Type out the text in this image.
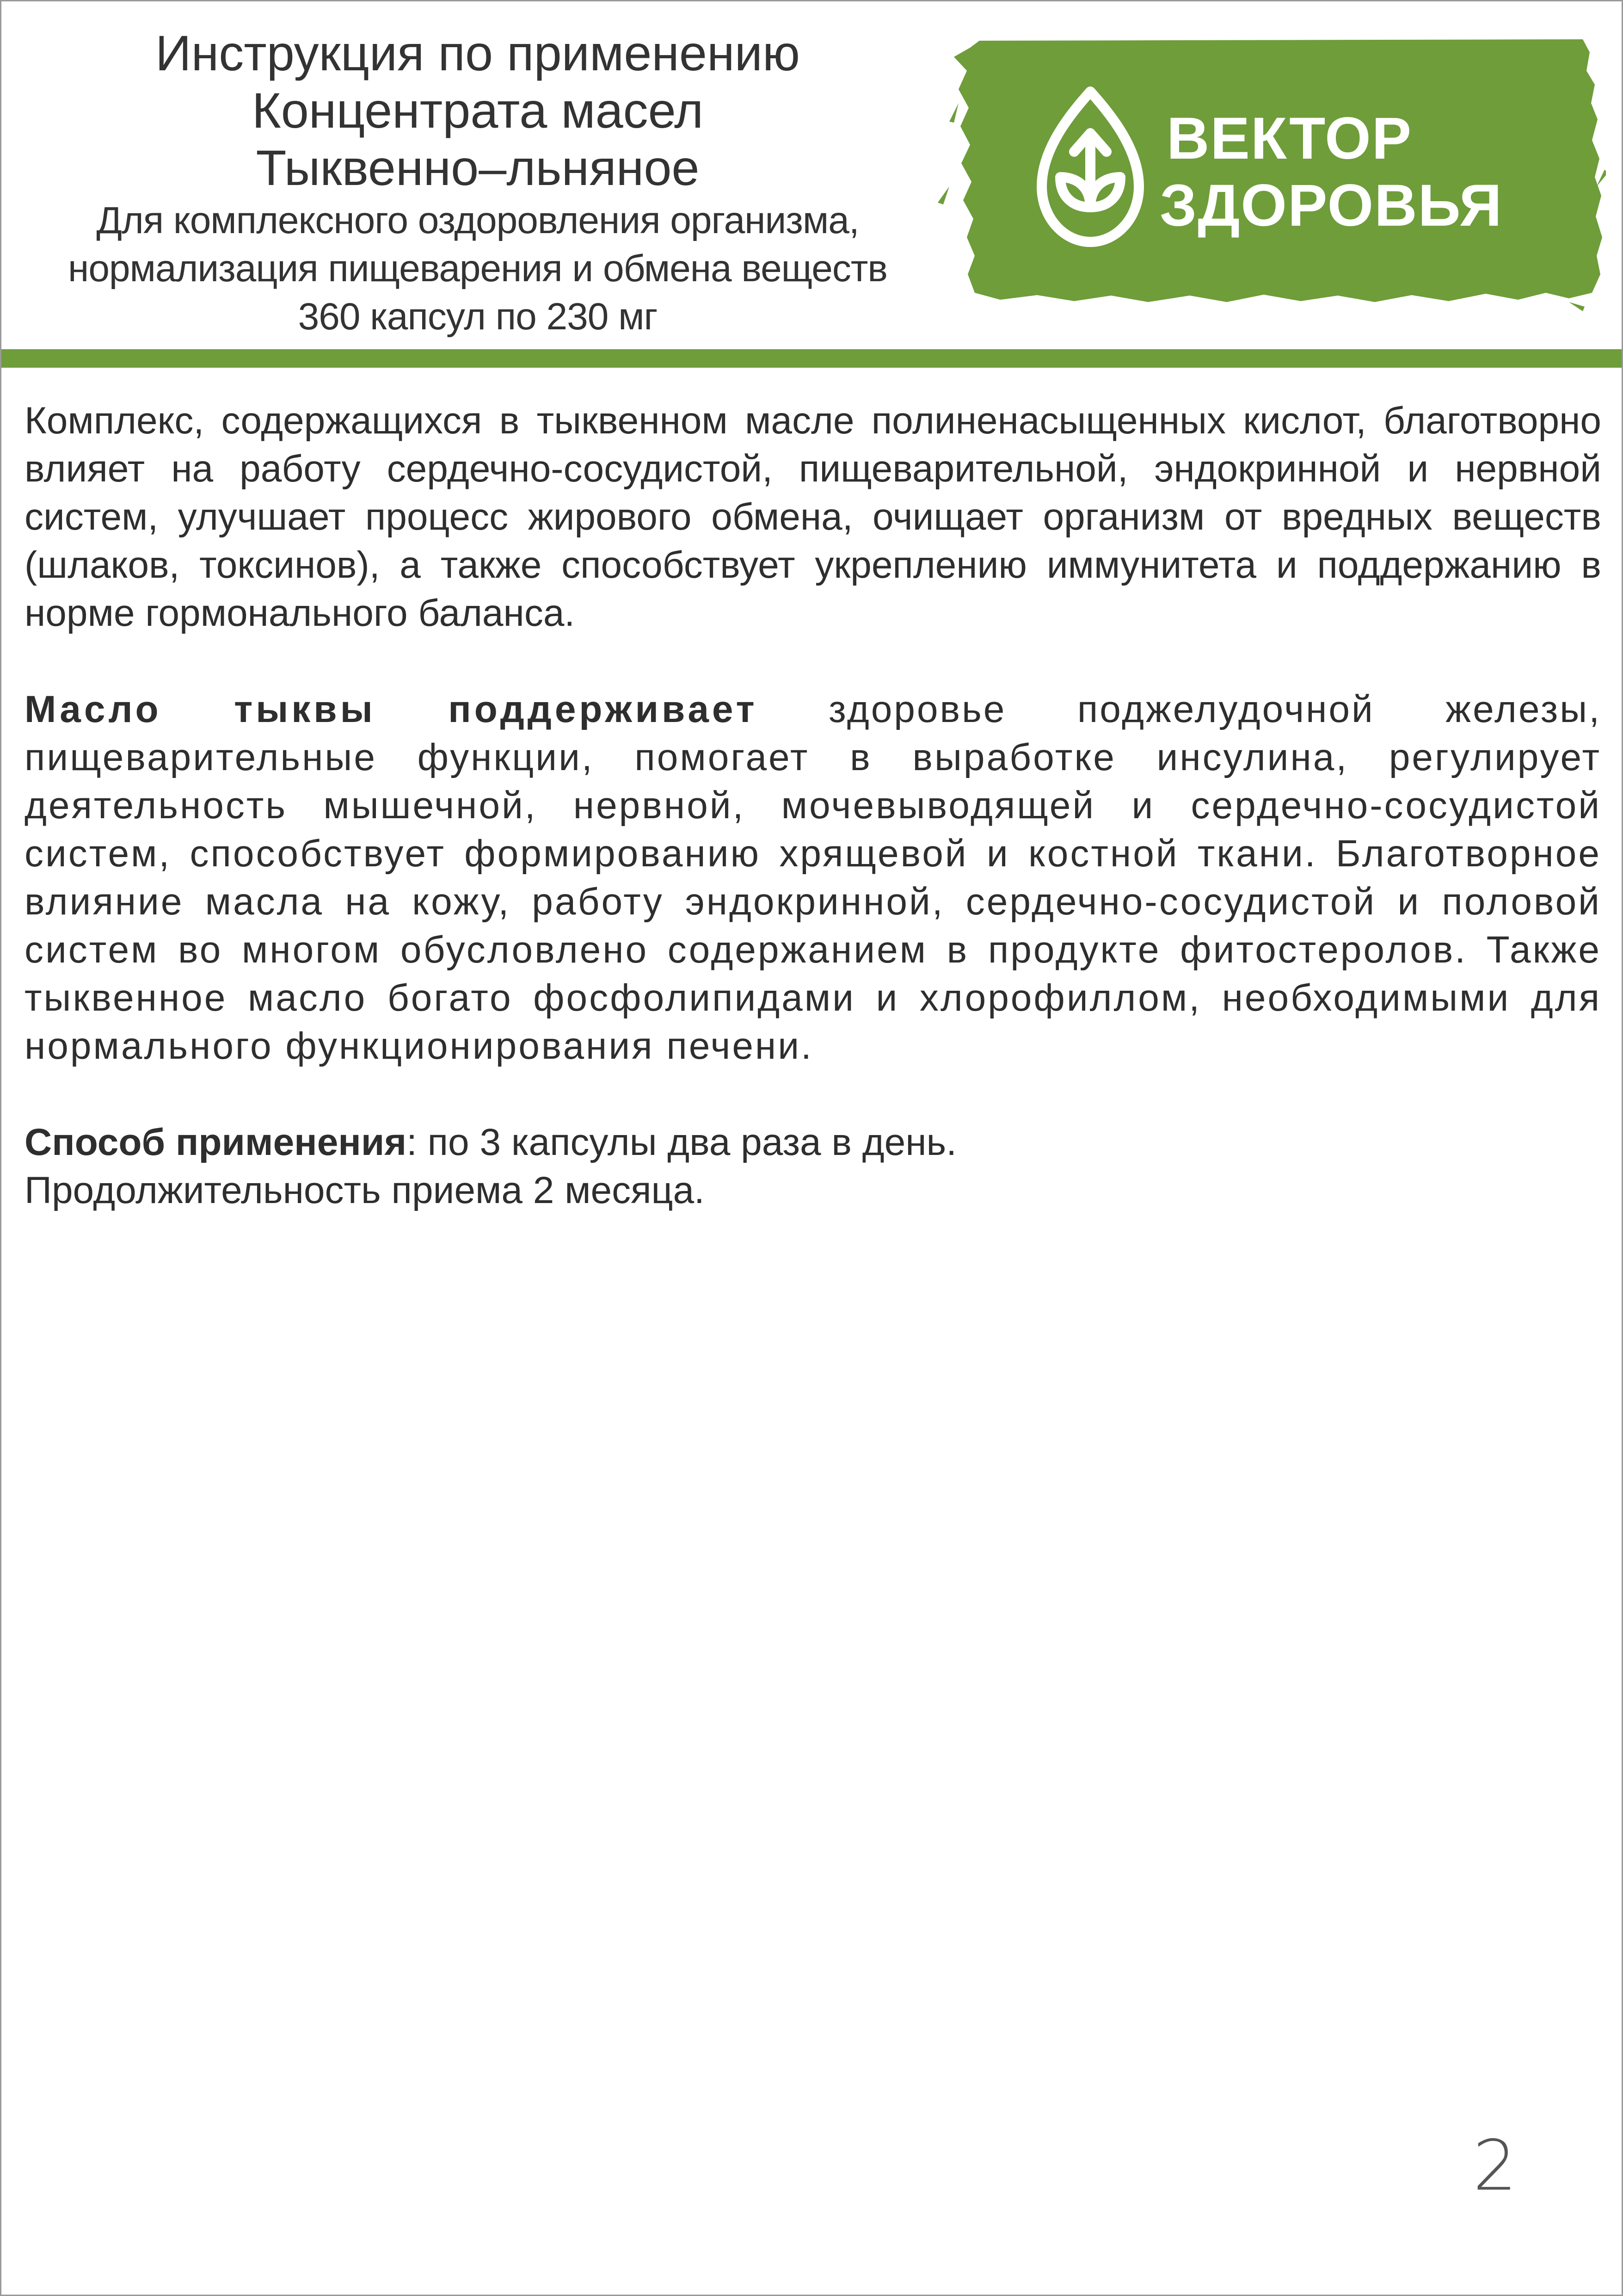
Инструкция по применению
Концентрата масел
Тыквенно–льняное
Для комплексного оздоровления организма,
нормализация пищеварения и обмена веществ
360 капсул по 230 мг
ВЕКТОР
ЗДОРОВЬЯ

Комплекс, содержащихся в тыквенном масле полиненасыщенных кислот, благотворно влияет на работу сердечно-сосудистой, пищеварительной, эндокринной и нервной систем, улучшает процесс жирового обмена, очищает организм от вредных веществ (шлаков, токсинов), а также способствует укреплению иммунитета и поддержанию в норме гормонального баланса.

Масло тыквы поддерживает здоровье поджелудочной железы, пищеварительные функции, помогает в выработке инсулина, регулирует деятельность мышечной, нервной, мочевыводящей и сердечно-сосудистой систем, способствует формированию хрящевой и костной ткани. Благотворное влияние масла на кожу, работу эндокринной, сердечно-сосудистой и половой систем во многом обусловлено содержанием в продукте фитостеролов. Также тыквенное масло богато фосфолипидами и хлорофиллом, необходимыми для нормального функционирования печени.

Способ применения: по 3 капсулы два раза в день.
Продолжительность приема 2 месяца.

2
